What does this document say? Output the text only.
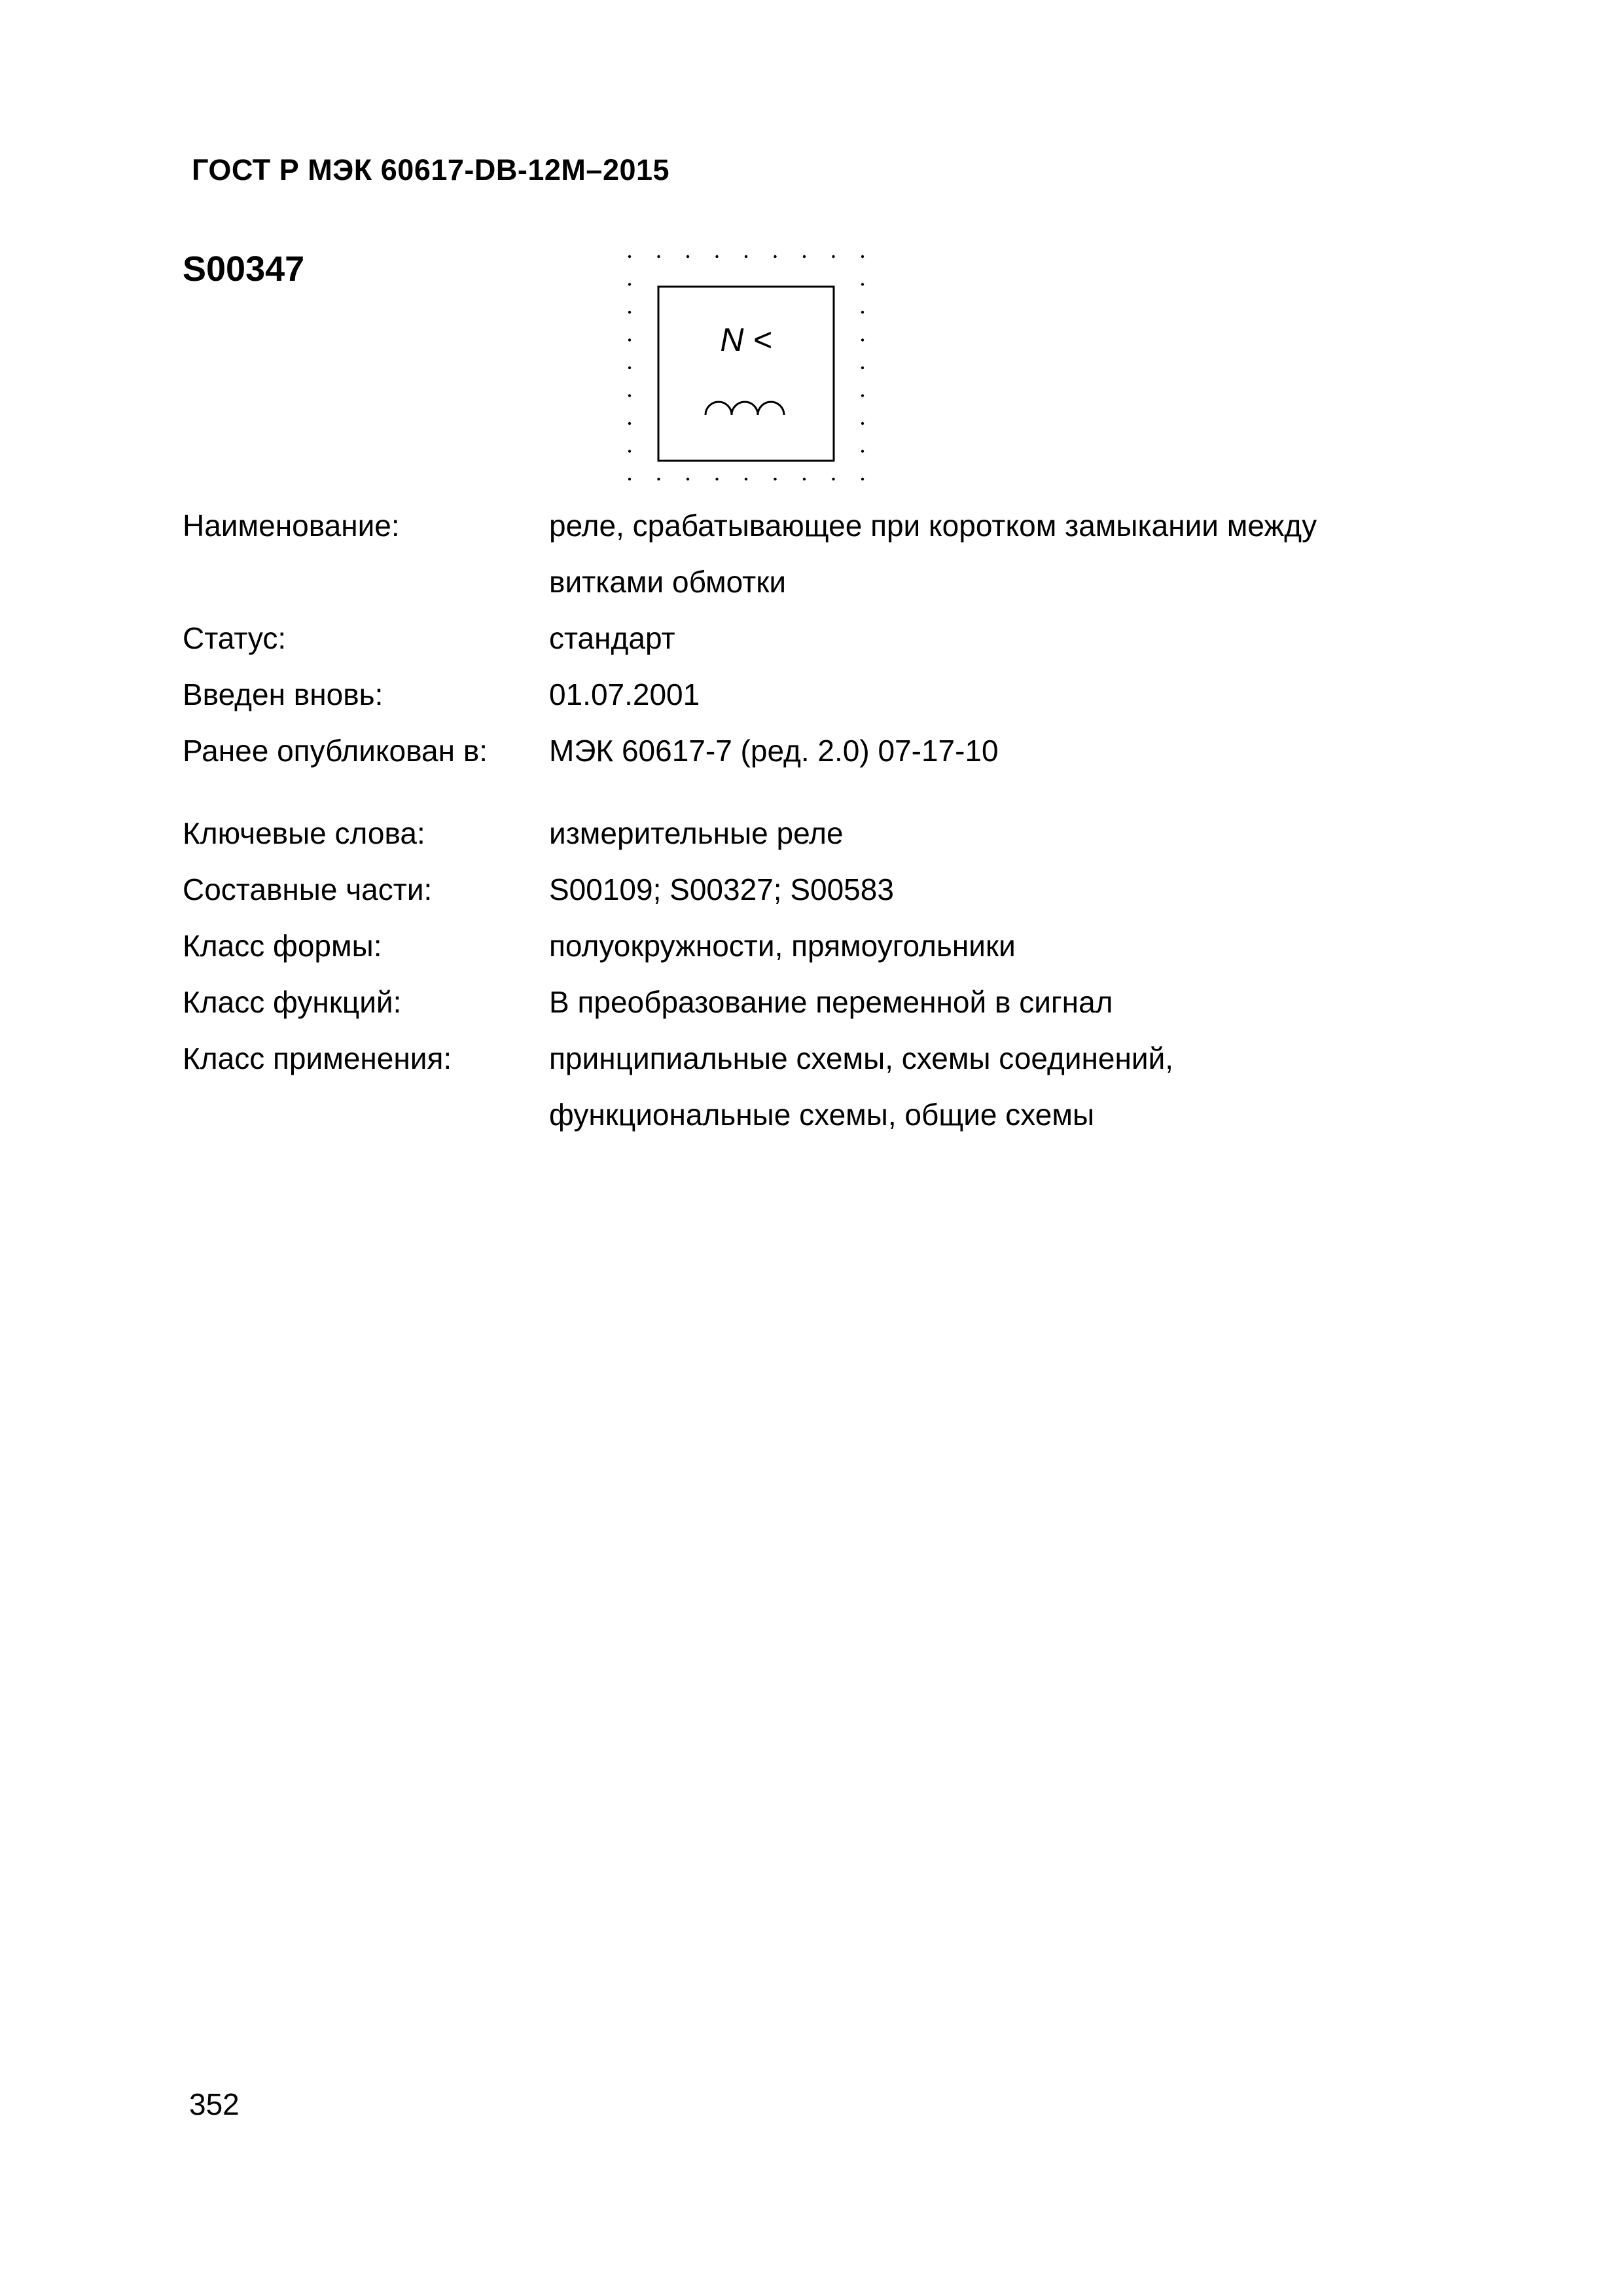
ГОСТ Р МЭК 60617-DB-12M–2015
S00347
N <
Наименование:	реле, срабатывающее при коротком замыкании между
витками обмотки
Статус:	стандарт
Введен вновь:	01.07.2001
Ранее опубликован в:	МЭК 60617-7 (ред. 2.0) 07-17-10
Ключевые слова:	измерительные реле
Составные части:	S00109; S00327; S00583
Класс формы:	полуокружности, прямоугольники
Класс функций:	В преобразование переменной в сигнал
Класс применения:	принципиальные схемы, схемы соединений,
функциональные схемы, общие схемы
352
